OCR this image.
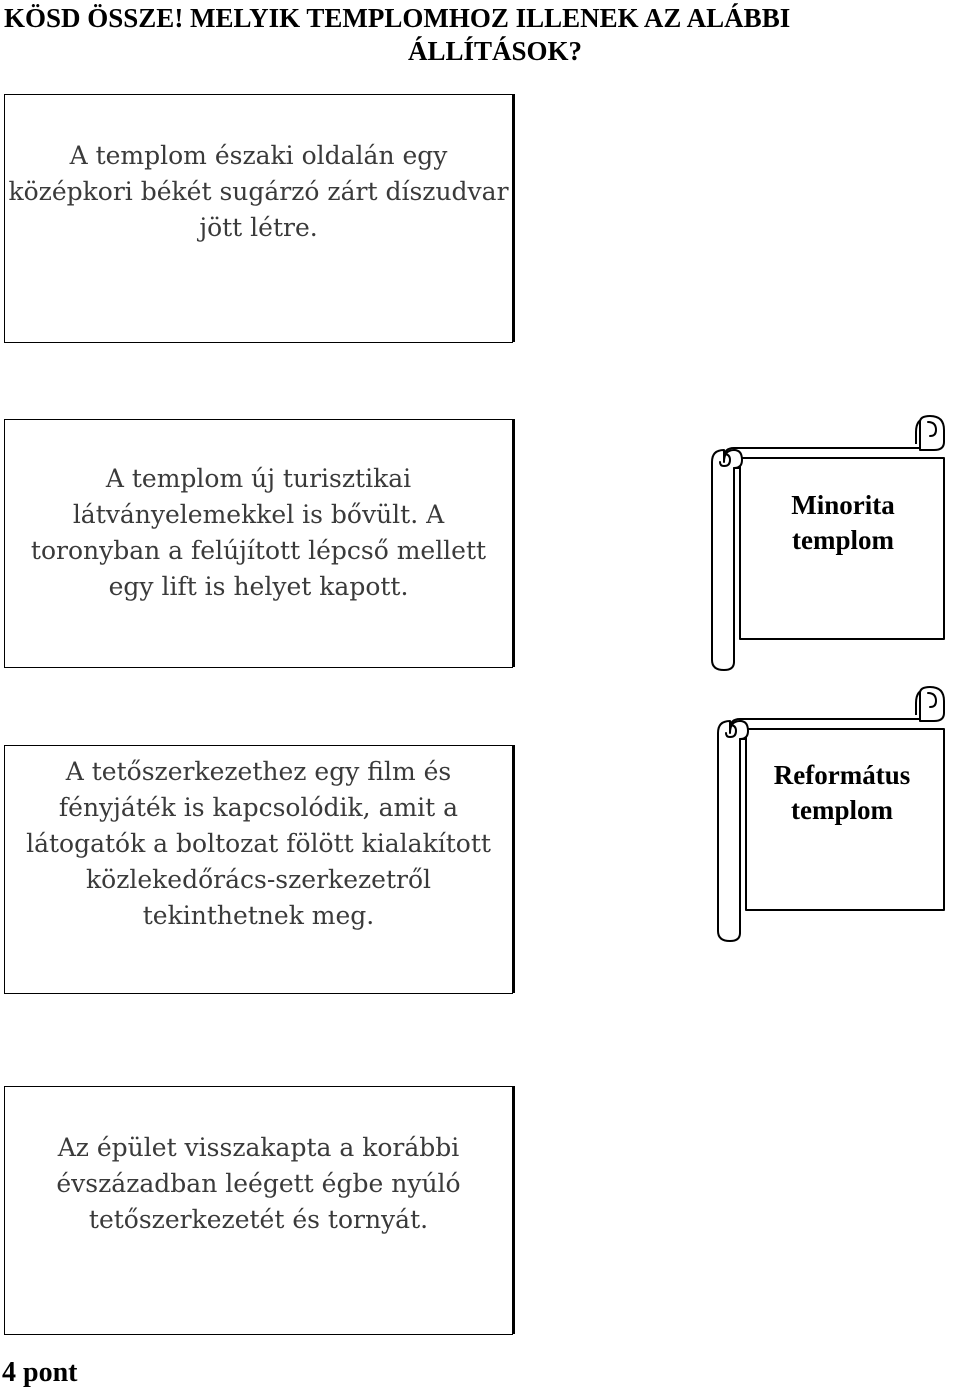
KÖSD ÖSSZE! MELYIK TEMPLOMHOZ ILLENEK AZ ALÁBBI
ÁLLÍTÁSOK?
A templom északi oldalán egy
középkori békét sugárzó zárt díszudvar
jött létre.
A templom új turisztikai
látványelemekkel is bővült. A
toronyban a felújított lépcső mellett
egy lift is helyet kapott.
A tetőszerkezethez egy film és
fényjáték is kapcsolódik, amit a
látogatók a boltozat fölött kialakított
közlekedőrács-szerkezetről
tekinthetnek meg.
Az épület visszakapta a korábbi
évszázadban leégett égbe nyúló
tetőszerkezetét és tornyát.
Minorita
templom
Református
templom

4 pont
